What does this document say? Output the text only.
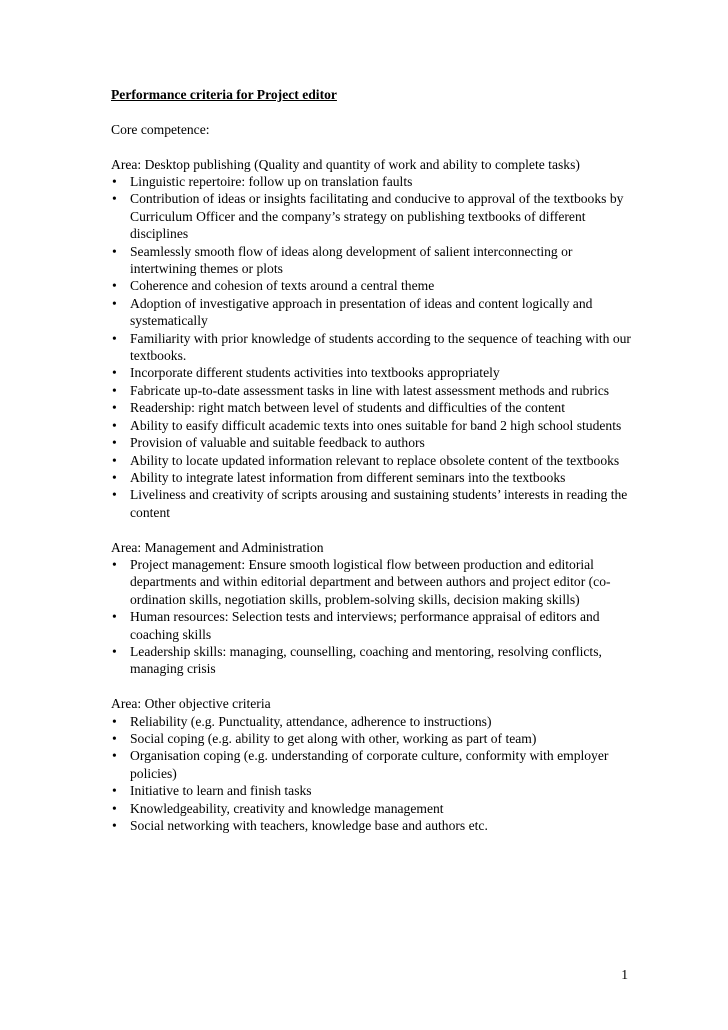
Performance criteria for Project editor

Core competence:

Area: Desktop publishing (Quality and quantity of work and ability to complete tasks)

• Linguistic repertoire: follow up on translation faults
• Contribution of ideas or insights facilitating and conducive to approval of the textbooks by Curriculum Officer and the company’s strategy on publishing textbooks of different disciplines
• Seamlessly smooth flow of ideas along development of salient interconnecting or intertwining themes or plots
• Coherence and cohesion of texts around a central theme
• Adoption of investigative approach in presentation of ideas and content logically and systematically
• Familiarity with prior knowledge of students according to the sequence of teaching with our textbooks.
• Incorporate different students activities into textbooks appropriately
• Fabricate up-to-date assessment tasks in line with latest assessment methods and rubrics
• Readership: right match between level of students and difficulties of the content
• Ability to easify difficult academic texts into ones suitable for band 2 high school students
• Provision of valuable and suitable feedback to authors
• Ability to locate updated information relevant to replace obsolete content of the textbooks
• Ability to integrate latest information from different seminars into the textbooks
• Liveliness and creativity of scripts arousing and sustaining students’ interests in reading the content

Area: Management and Administration

• Project management: Ensure smooth logistical flow between production and editorial departments and within editorial department and between authors and project editor (co-ordination skills, negotiation skills, problem-solving skills, decision making skills)
• Human resources: Selection tests and interviews; performance appraisal of editors and coaching skills
• Leadership skills: managing, counselling, coaching and mentoring, resolving conflicts, managing crisis

Area: Other objective criteria

• Reliability (e.g. Punctuality, attendance, adherence to instructions)
• Social coping (e.g. ability to get along with other, working as part of team)
• Organisation coping (e.g. understanding of corporate culture, conformity with employer policies)
• Initiative to learn and finish tasks
• Knowledgeability, creativity and knowledge management
• Social networking with teachers, knowledge base and authors etc.
1
